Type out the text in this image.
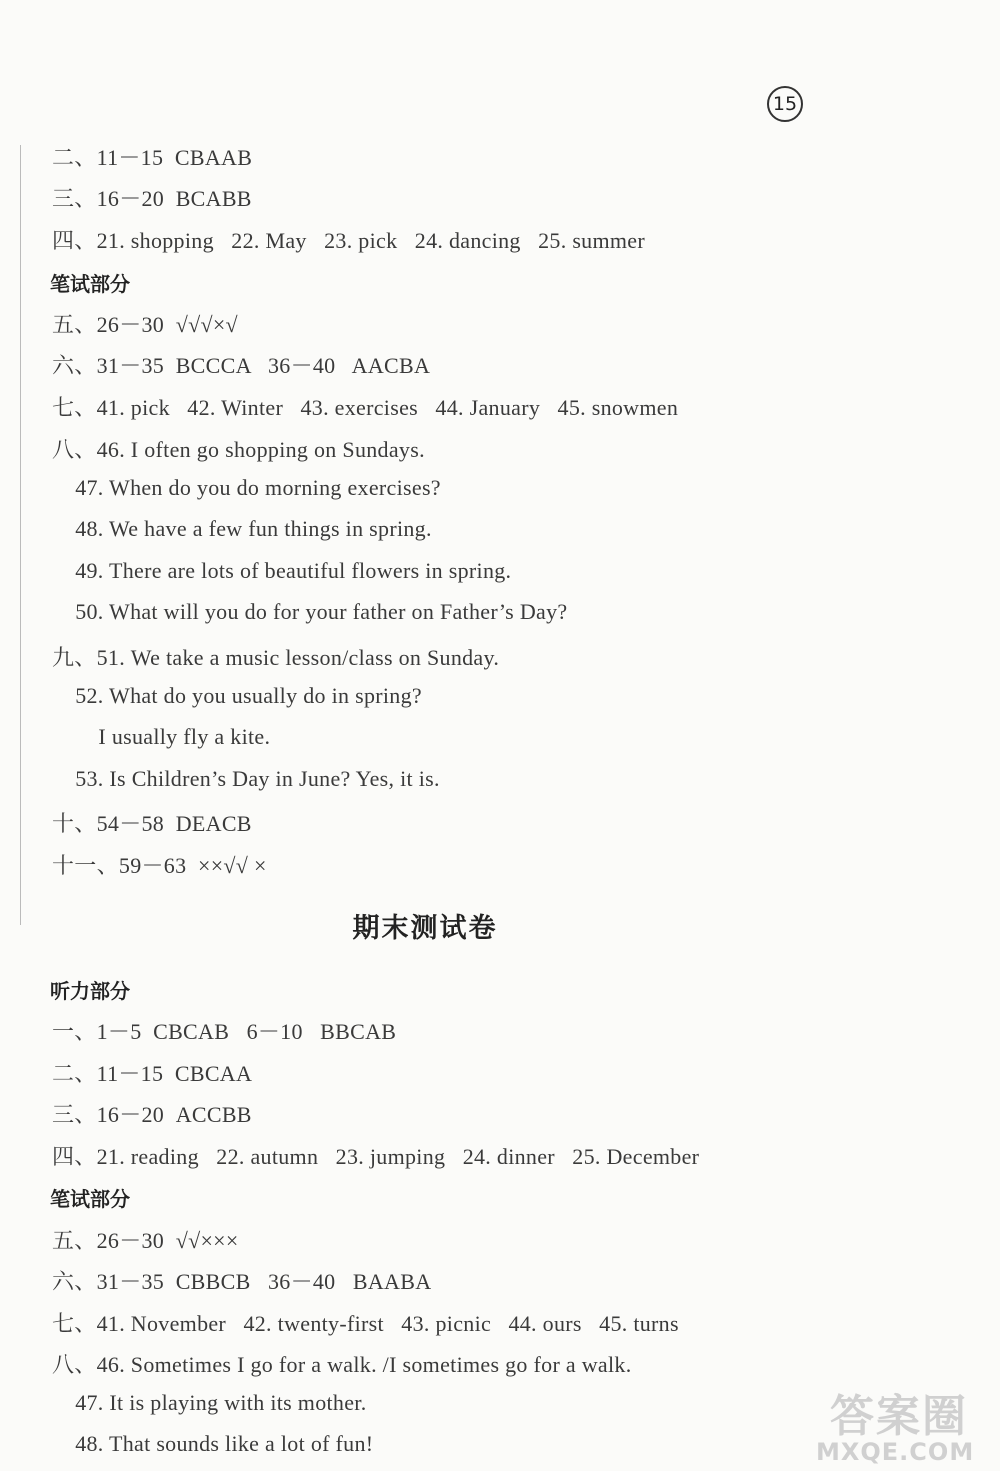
15
二、11－15  CBAAB
三、16－20  BCABB
四、21. shopping   22. May   23. pick   24. dancing   25. summer
笔试部分
五、26－30  √√√×√
六、31－35  BCCCA   36－40   AACBA
七、41. pick   42. Winter   43. exercises   44. January   45. snowmen
八、46. I often go shopping on Sundays.
47. When do you do morning exercises?
48. We have a few fun things in spring.
49. There are lots of beautiful flowers in spring.
50. What will you do for your father on Father’s Day?
九、51. We take a music lesson/class on Sunday.
52. What do you usually do in spring?
I usually fly a kite.
53. Is Children’s Day in June? Yes, it is.
十、54－58  DEACB
十一、59－63  ××√√ ×
期末测试卷
听力部分
一、1－5  CBCAB   6－10   BBCAB
二、11－15  CBCAA
三、16－20  ACCBB
四、21. reading   22. autumn   23. jumping   24. dinner   25. December
笔试部分
五、26－30  √√×××
六、31－35  CBBCB   36－40   BAABA
七、41. November   42. twenty-first   43. picnic   44. ours   45. turns
八、46. Sometimes I go for a walk. /I sometimes go for a walk.
47. It is playing with its mother.
48. That sounds like a lot of fun!
答案圈
MXQE.COM
